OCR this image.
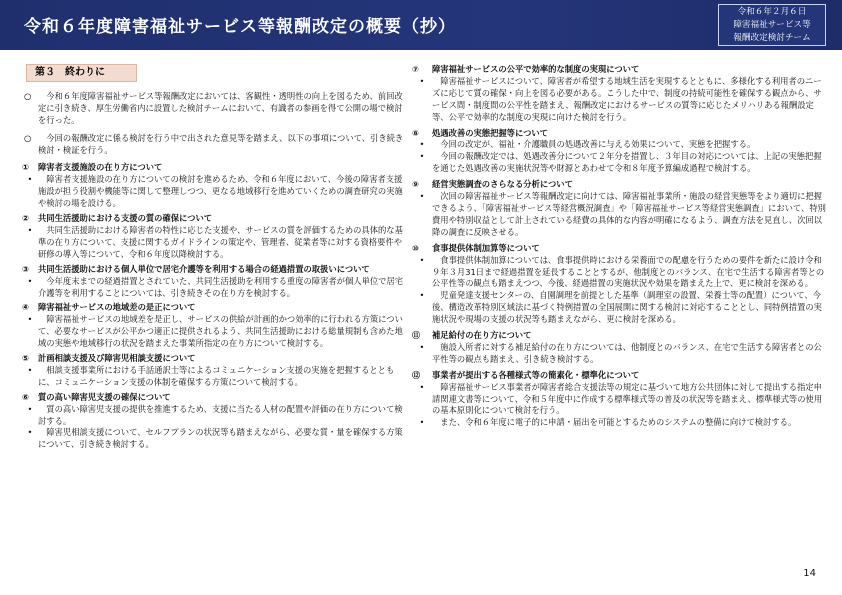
令和６年度障害福祉サービス等報酬改定の概要（抄）
令和６年２月６日
障害福祉サービス等
報酬改定検討チーム
第３　終わりに
○	今和６年度障害福祉サービス等報酬改定においては、客観性・透明性の向上を図るため、前回改定に引き続き、厚生労働省内に設置した検討チームにおいて、有識者の参画を得て公開の場で検討を行った。
○	今回の報酬改定に係る検討を行う中で出された意見等を踏まえ、以下の事項について、引き続き検討・検証を行う。
①	障害者支援施設の在り方について
•	障害者支援施設の在り方についての検討を進めるため、令和６年度において、今後の障害者支援施設が担う役割や機能等に関して整理しつつ、更なる地域移行を進めていくための調査研究の実施や検討の場を設ける。
②	共同生活援助における支援の質の確保について
•	共同生活援助における障害者の特性に応じた支援や、サービスの質を評価するための具体的な基準の在り方について、支援に関するガイドラインの策定や、管理者、従業者等に対する資格要件や研修の導入等について、令和６年度以降検討する。
③	共同生活援助における個人単位で居宅介護等を利用する場合の経過措置の取扱いについて
•	今年度末までの経過措置とされていた、共同生活援助を利用する重度の障害者が個人単位で居宅介護等を利用することについては、引き続きその在り方を検討する。
④	障害福祉サービスの地域差の是正について
•	障害福祉サービスの地域差を是正し、サービスの供給が計画的かつ効率的に行われる方策について、必要なサービスが公平かつ適正に提供されるよう、共同生活援助における総量規制も含めた地域の実態や地域移行の状況を踏まえた事業所指定の在り方について検討する。
⑤	計画相談支援及び障害児相談支援について
•	相談支援事業所における手話通訳士等によるコミュニケーション支援の実施を把握するとともに、コミュニケーション支援の体制を確保する方策について検討する。
⑥	質の高い障害児支援の確保について
•	質の高い障害児支援の提供を推進するため、支援に当たる人材の配置や評価の在り方について検討する。
•	障害児相談支援について、セルフプランの状況等も踏まえながら、必要な質・量を確保する方策について、引き続き検討する。
⑦	障害福祉サービスの公平で効率的な制度の実現について
•	障害福祉サービスについて、障害者が希望する地域生活を実現するとともに、多様化する利用者のニーズに応じて質の確保・向上を図る必要がある。こうした中で、制度の持続可能性を確保する観点から、サービス間・制度間の公平性を踏まえ、報酬改定におけるサービスの質等に応じたメリハリある報酬設定等、公平で効率的な制度の実現に向けた検討を行う。
⑧	処遇改善の実態把握等について
•	今回の改定が、福祉・介護職員の処遇改善に与える効果について、実態を把握する。
•	今回の報酬改定では、処遇改善分について２年分を措置し、３年目の対応については、上記の実態把握を通じた処遇改善の実施状況等や財源とあわせて令和８年度予算編成過程で検討する。
⑨	経営実態調査のさらなる分析について
•	次回の障害福祉サービス等報酬改定に向けては、障害福祉事業所・施設の経営実態等をより適切に把握できるよう、「障害福祉サービス等経営概況調査」や「障害福祉サービス等経営実態調査」において、特別費用や特別収益として計上されている経費の具体的な内容が明確になるよう、調査方法を見直し、次回以降の調査に反映させる。
⑩	食事提供体制加算等について
•	食事提供体制加算については、食事提供時における栄養面での配慮を行うための要件を新たに設け令和９年３月31日まで経過措置を延長することとするが、他制度とのバランス、在宅で生活する障害者等との公平性等の観点も踏まえつつ、今後、経過措置の実施状況や効果を踏まえた上で、更に検討を深める。
•	児童発達支援センターの、自園調理を前提とした基準（調理室の設置、栄養士等の配置）について、今後、構造改革特別区域法に基づく特例措置の全国展開に関する検討に対応することとし、同特例措置の実施状況や現場の支援の状況等も踏まえながら、更に検討を深める。
⑪	補足給付の在り方について
•	施設入所者に対する補足給付の在り方については、他制度とのバランス、在宅で生活する障害者との公平性等の観点も踏まえ、引き続き検討する。
⑫	事業者が提出する各種様式等の簡素化・標準化について
•	障害福祉サービス事業者が障害者総合支援法等の規定に基づいて地方公共団体に対して提出する指定申請関連文書等について、令和５年度中に作成する標準様式等の普及の状況等を踏まえ、標準様式等の使用の基本原則化について検討を行う。
•	また、令和６年度に電子的に申請・届出を可能とするためのシステムの整備に向けて検討する。
14
